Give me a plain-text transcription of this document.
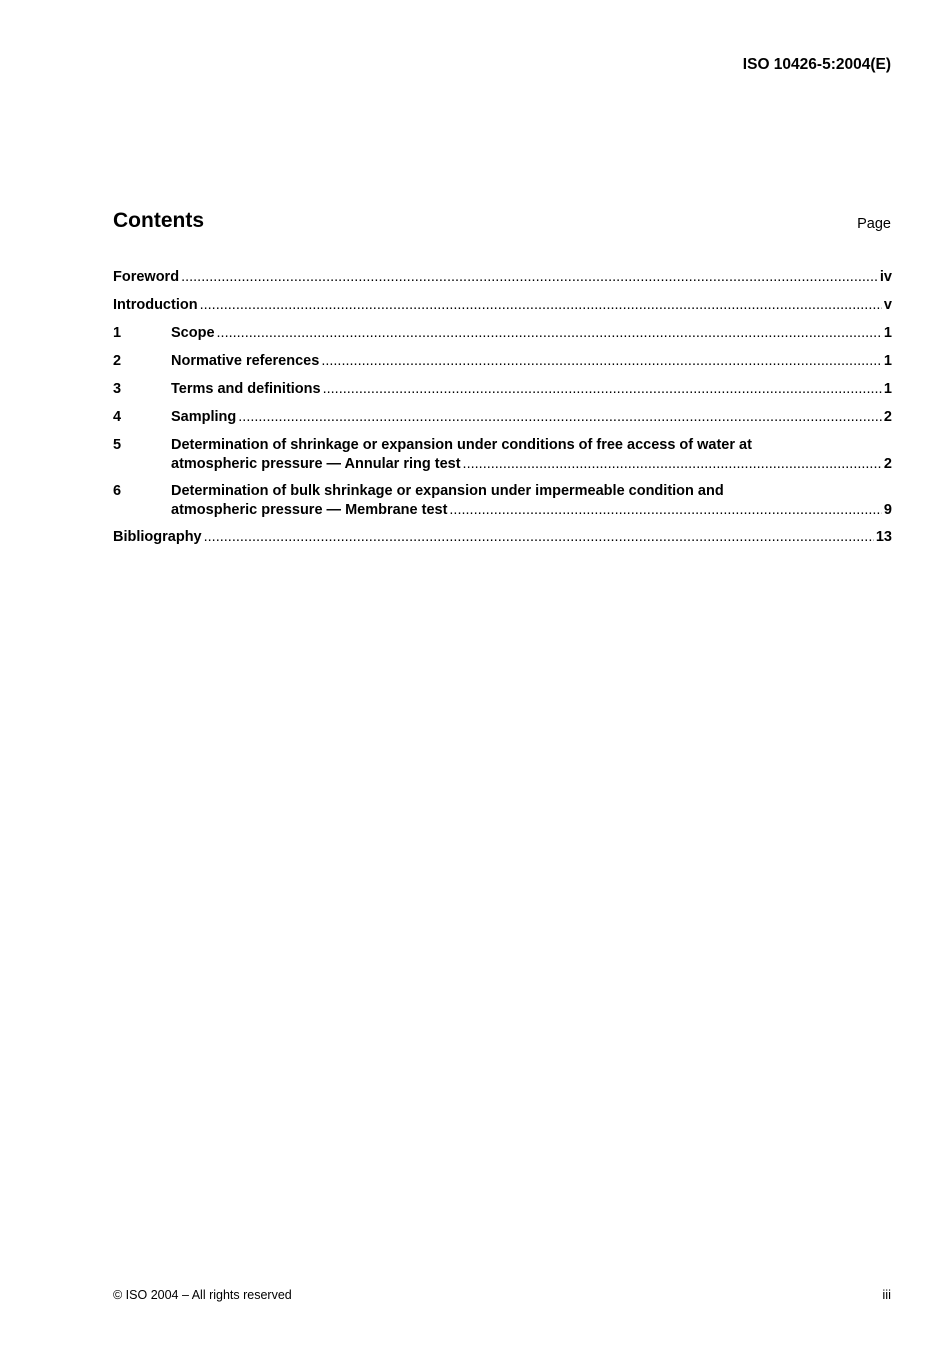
ISO 10426-5:2004(E)
Contents	Page
Foreword .....	iv
Introduction .....	v
1	Scope .....	1
2	Normative references .....	1
3	Terms and definitions .....	1
4	Sampling .....	2
5	Determination of shrinkage or expansion under conditions of free access of water at
atmospheric pressure — Annular ring test .....	2
6	Determination of bulk shrinkage or expansion under impermeable condition and
atmospheric pressure — Membrane test .....	9
Bibliography .....	13
© ISO 2004 – All rights reserved	iii
